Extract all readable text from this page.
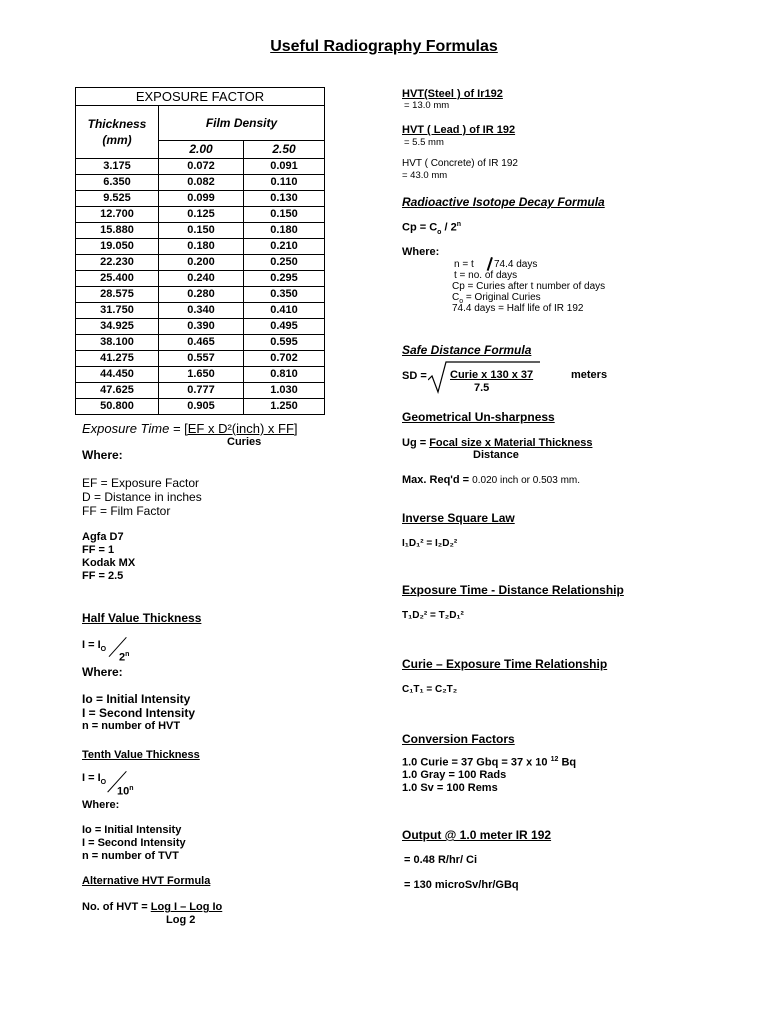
Useful Radiography Formulas
EXPOSURE FACTOR		
Thickness
(mm)	Film Density	
	2.00	2.50
3.175	0.072	0.091
6.350	0.082	0.110
9.525	0.099	0.130
12.700	0.125	0.150
15.880	0.150	0.180
19.050	0.180	0.210
22.230	0.200	0.250
25.400	0.240	0.295
28.575	0.280	0.350
31.750	0.340	0.410
34.925	0.390	0.495
38.100	0.465	0.595
41.275	0.557	0.702
44.450	1.650	0.810
47.625	0.777	1.030
50.800	0.905	1.250
Exposure Time = [EF x D²(inch) x FF]
Curies
Where:
EF = Exposure Factor
D = Distance in inches
FF = Film Factor
Agfa D7
FF = 1
Kodak MX
FF = 2.5
Half Value Thickness
$I = I_O$
2$^n$
Where:
Io = Initial Intensity
I = Second Intensity
n = number of HVT
Tenth Value Thickness
$I = I_O$
10$^n$
Where:
Io = Initial Intensity
I = Second Intensity
n = number of TVT
Alternative HVT Formula
No. of HVT = Log I – Log Io
Log 2
HVT(Steel ) of Ir192
= 13.0 mm
HVT ( Lead ) of IR 192
= 5.5 mm
HVT ( Concrete) of IR 192
= 43.0 mm
Radioactive Isotope Decay Formula
$Cp = C_o / 2^n$
Where:
n = t 74.4 days
t = no. of days
Cp = Curies after t number of days
$C_o$ = Original Curies
74.4 days = Half life of IR 192
Safe Distance Formula
SD = Curie x 130 x 37
7.5
meters
Geometrical Un-sharpness
Ug = Focal size x Material Thickness
Distance
Max. Req'd = 0.020 inch or 0.503 mm.
Inverse Square Law
I₁D₁² = I₂D₂²
Exposure Time - Distance Relationship
T₁D₂² = T₂D₁²
Curie – Exposure Time Relationship
C₁T₁ = C₂T₂
Conversion Factors
1.0 Curie = 37 Gbq = 37 x 10 $^{12}$ Bq
1.0 Gray = 100 Rads
1.0 Sv = 100 Rems
Output @ 1.0 meter IR 192
= 0.48 R/hr/ Ci
= 130 microSv/hr/GBq
